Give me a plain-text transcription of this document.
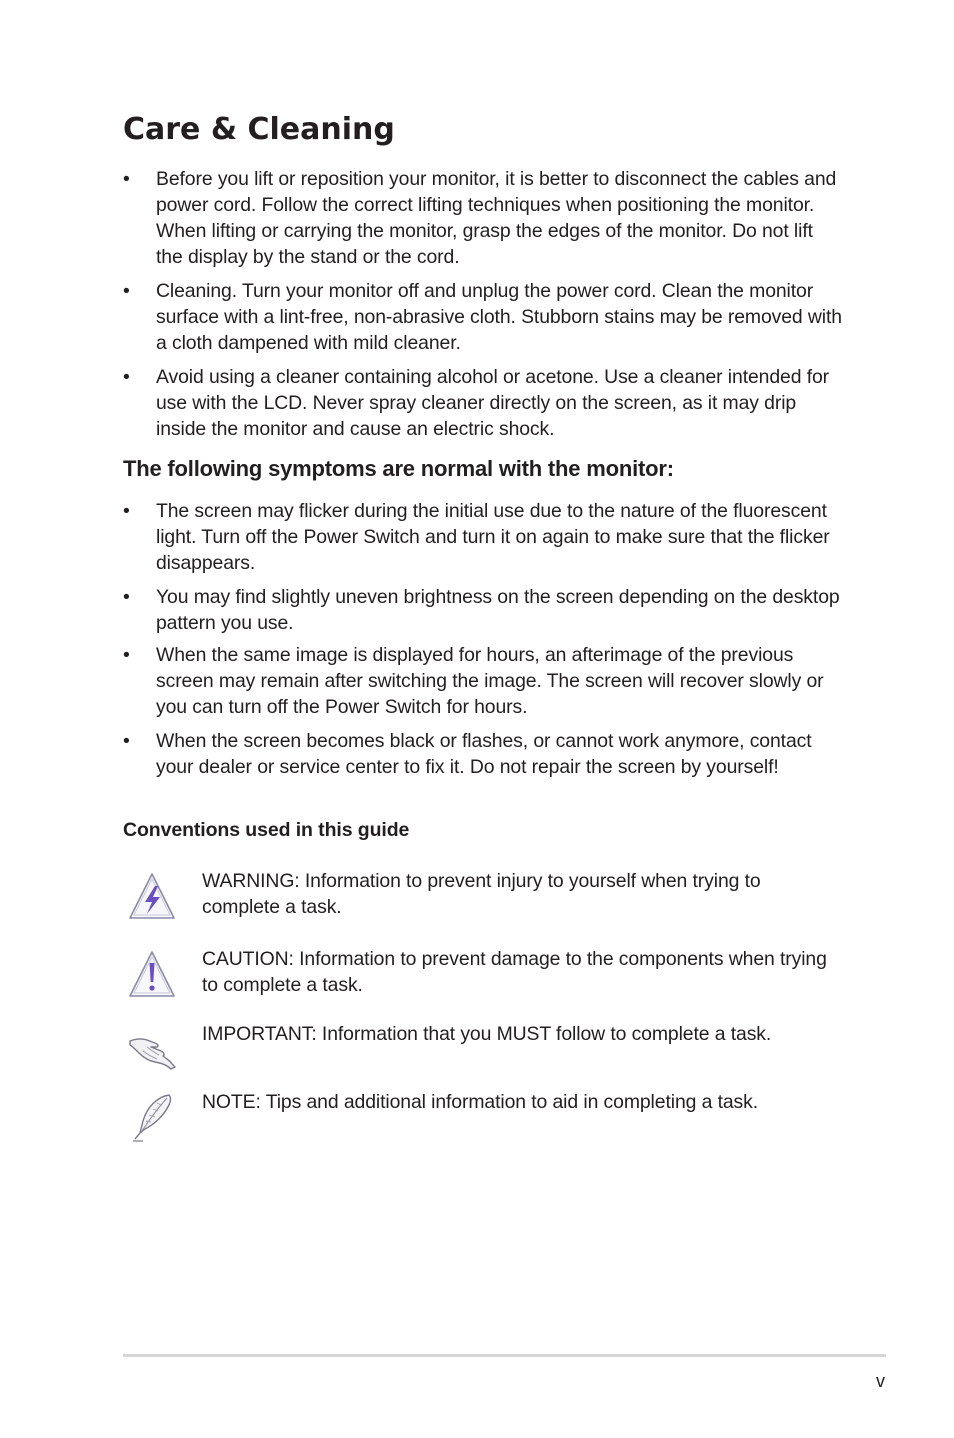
Care & Cleaning
• Before you lift or reposition your monitor, it is better to disconnect the cables and power cord. Follow the correct lifting techniques when positioning the monitor. When lifting or carrying the monitor, grasp the edges of the monitor. Do not lift the display by the stand or the cord.
• Cleaning. Turn your monitor off and unplug the power cord. Clean the monitor surface with a lint-free, non-abrasive cloth. Stubborn stains may be removed with a cloth dampened with mild cleaner.
• Avoid using a cleaner containing alcohol or acetone. Use a cleaner intended for use with the LCD. Never spray cleaner directly on the screen, as it may drip inside the monitor and cause an electric shock.
The following symptoms are normal with the monitor:
• The screen may flicker during the initial use due to the nature of the fluorescent light. Turn off the Power Switch and turn it on again to make sure that the flicker disappears.
• You may find slightly uneven brightness on the screen depending on the desktop pattern you use.
• When the same image is displayed for hours, an afterimage of the previous screen may remain after switching the image. The screen will recover slowly or you can turn off the Power Switch for hours.
• When the screen becomes black or flashes, or cannot work anymore, contact your dealer or service center to fix it. Do not repair the screen by yourself!
Conventions used in this guide
WARNING: Information to prevent injury to yourself when trying to complete a task.
CAUTION: Information to prevent damage to the components when trying to complete a task.
IMPORTANT: Information that you MUST follow to complete a task.
NOTE: Tips and additional information to aid in completing a task.
v
